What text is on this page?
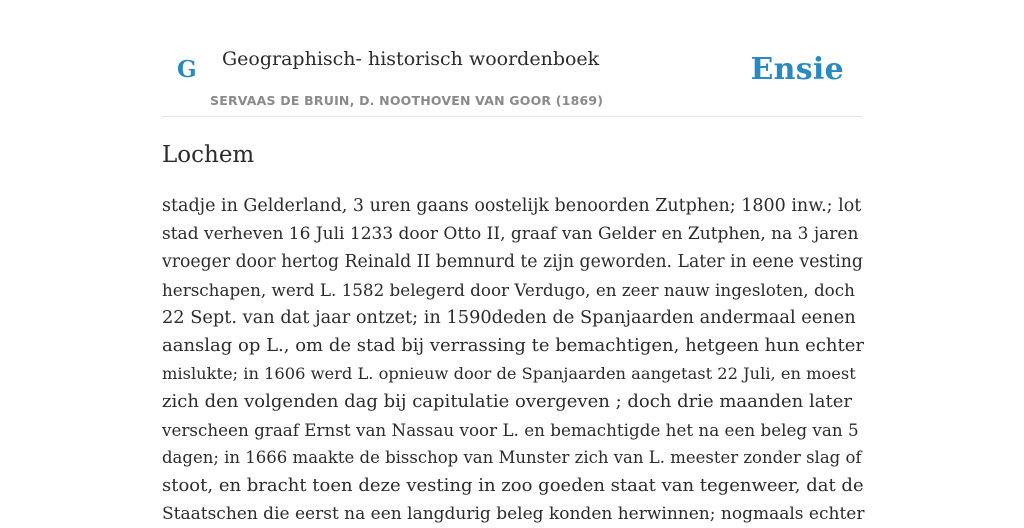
G Geographisch- historisch woordenboek
SERVAAS DE BRUIN, D. NOOTHOVEN VAN GOOR (1869)
Ensie
Lochem
stadje in Gelderland, 3 uren gaans oostelijk benoorden Zutphen; 1800 inw.; lot
stad verheven 16 Juli 1233 door Otto II, graaf van Gelder en Zutphen, na 3 jaren
vroeger door hertog Reinald II bemnurd te zijn geworden. Later in eene vesting
herschapen, werd L. 1582 belegerd door Verdugo, en zeer nauw ingesloten, doch
22 Sept. van dat jaar ontzet; in 1590deden de Spanjaarden andermaal eenen
aanslag op L., om de stad bij verrassing te bemachtigen, hetgeen hun echter
mislukte; in 1606 werd L. opnieuw door de Spanjaarden aangetast 22 Juli, en moest
zich den volgenden dag bij capitulatie overgeven ; doch drie maanden later
verscheen graaf Ernst van Nassau voor L. en bemachtigde het na een beleg van 5
dagen; in 1666 maakte de bisschop van Munster zich van L. meester zonder slag of
stoot, en bracht toen deze vesting in zoo goeden staat van tegenweer, dat de
Staatschen die eerst na een langdurig beleg konden herwinnen; nogmaals echter
